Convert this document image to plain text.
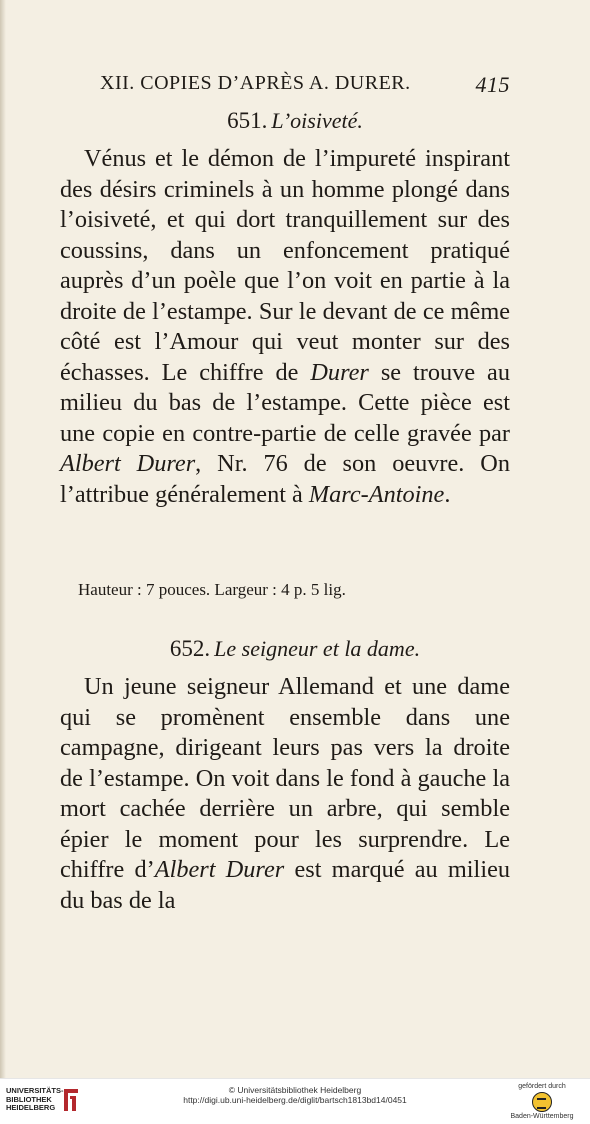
XII. COPIES D’APRÈS A. DURER.	415
651. L’oisiveté.

Vénus et le démon de l’impureté inspirant des désirs criminels à un homme plongé dans l’oisiveté, et qui dort tranquillement sur des coussins, dans un enfoncement pratiqué auprès d’un poèle que l’on voit en partie à la droite de l’estampe. Sur le devant de ce même côté est l’Amour qui veut monter sur des échasses. Le chiffre de Durer se trouve au milieu du bas de l’estampe. Cette pièce est une copie en contre-partie de celle gravée par Albert Durer, Nr. 76 de son oeuvre. On l’attribue généralement à Marc-Antoine.

Hauteur : 7 pouces. Largeur : 4 p. 5 lig.
652. Le seigneur et la dame.

Un jeune seigneur Allemand et une dame qui se promènent ensemble dans une campagne, dirigeant leurs pas vers la droite de l’estampe. On voit dans le fond à gauche la mort cachée derrière un arbre, qui semble épier le moment pour les surprendre. Le chiffre d’Albert Durer est marqué au milieu du bas de la

UNIVERSITÄTS-BIBLIOTHEK HEIDELBERG
© Universitätsbibliothek Heidelberg
http://digi.ub.uni-heidelberg.de/diglit/bartsch1813bd14/0451
gefördert durch
Baden-Württemberg
